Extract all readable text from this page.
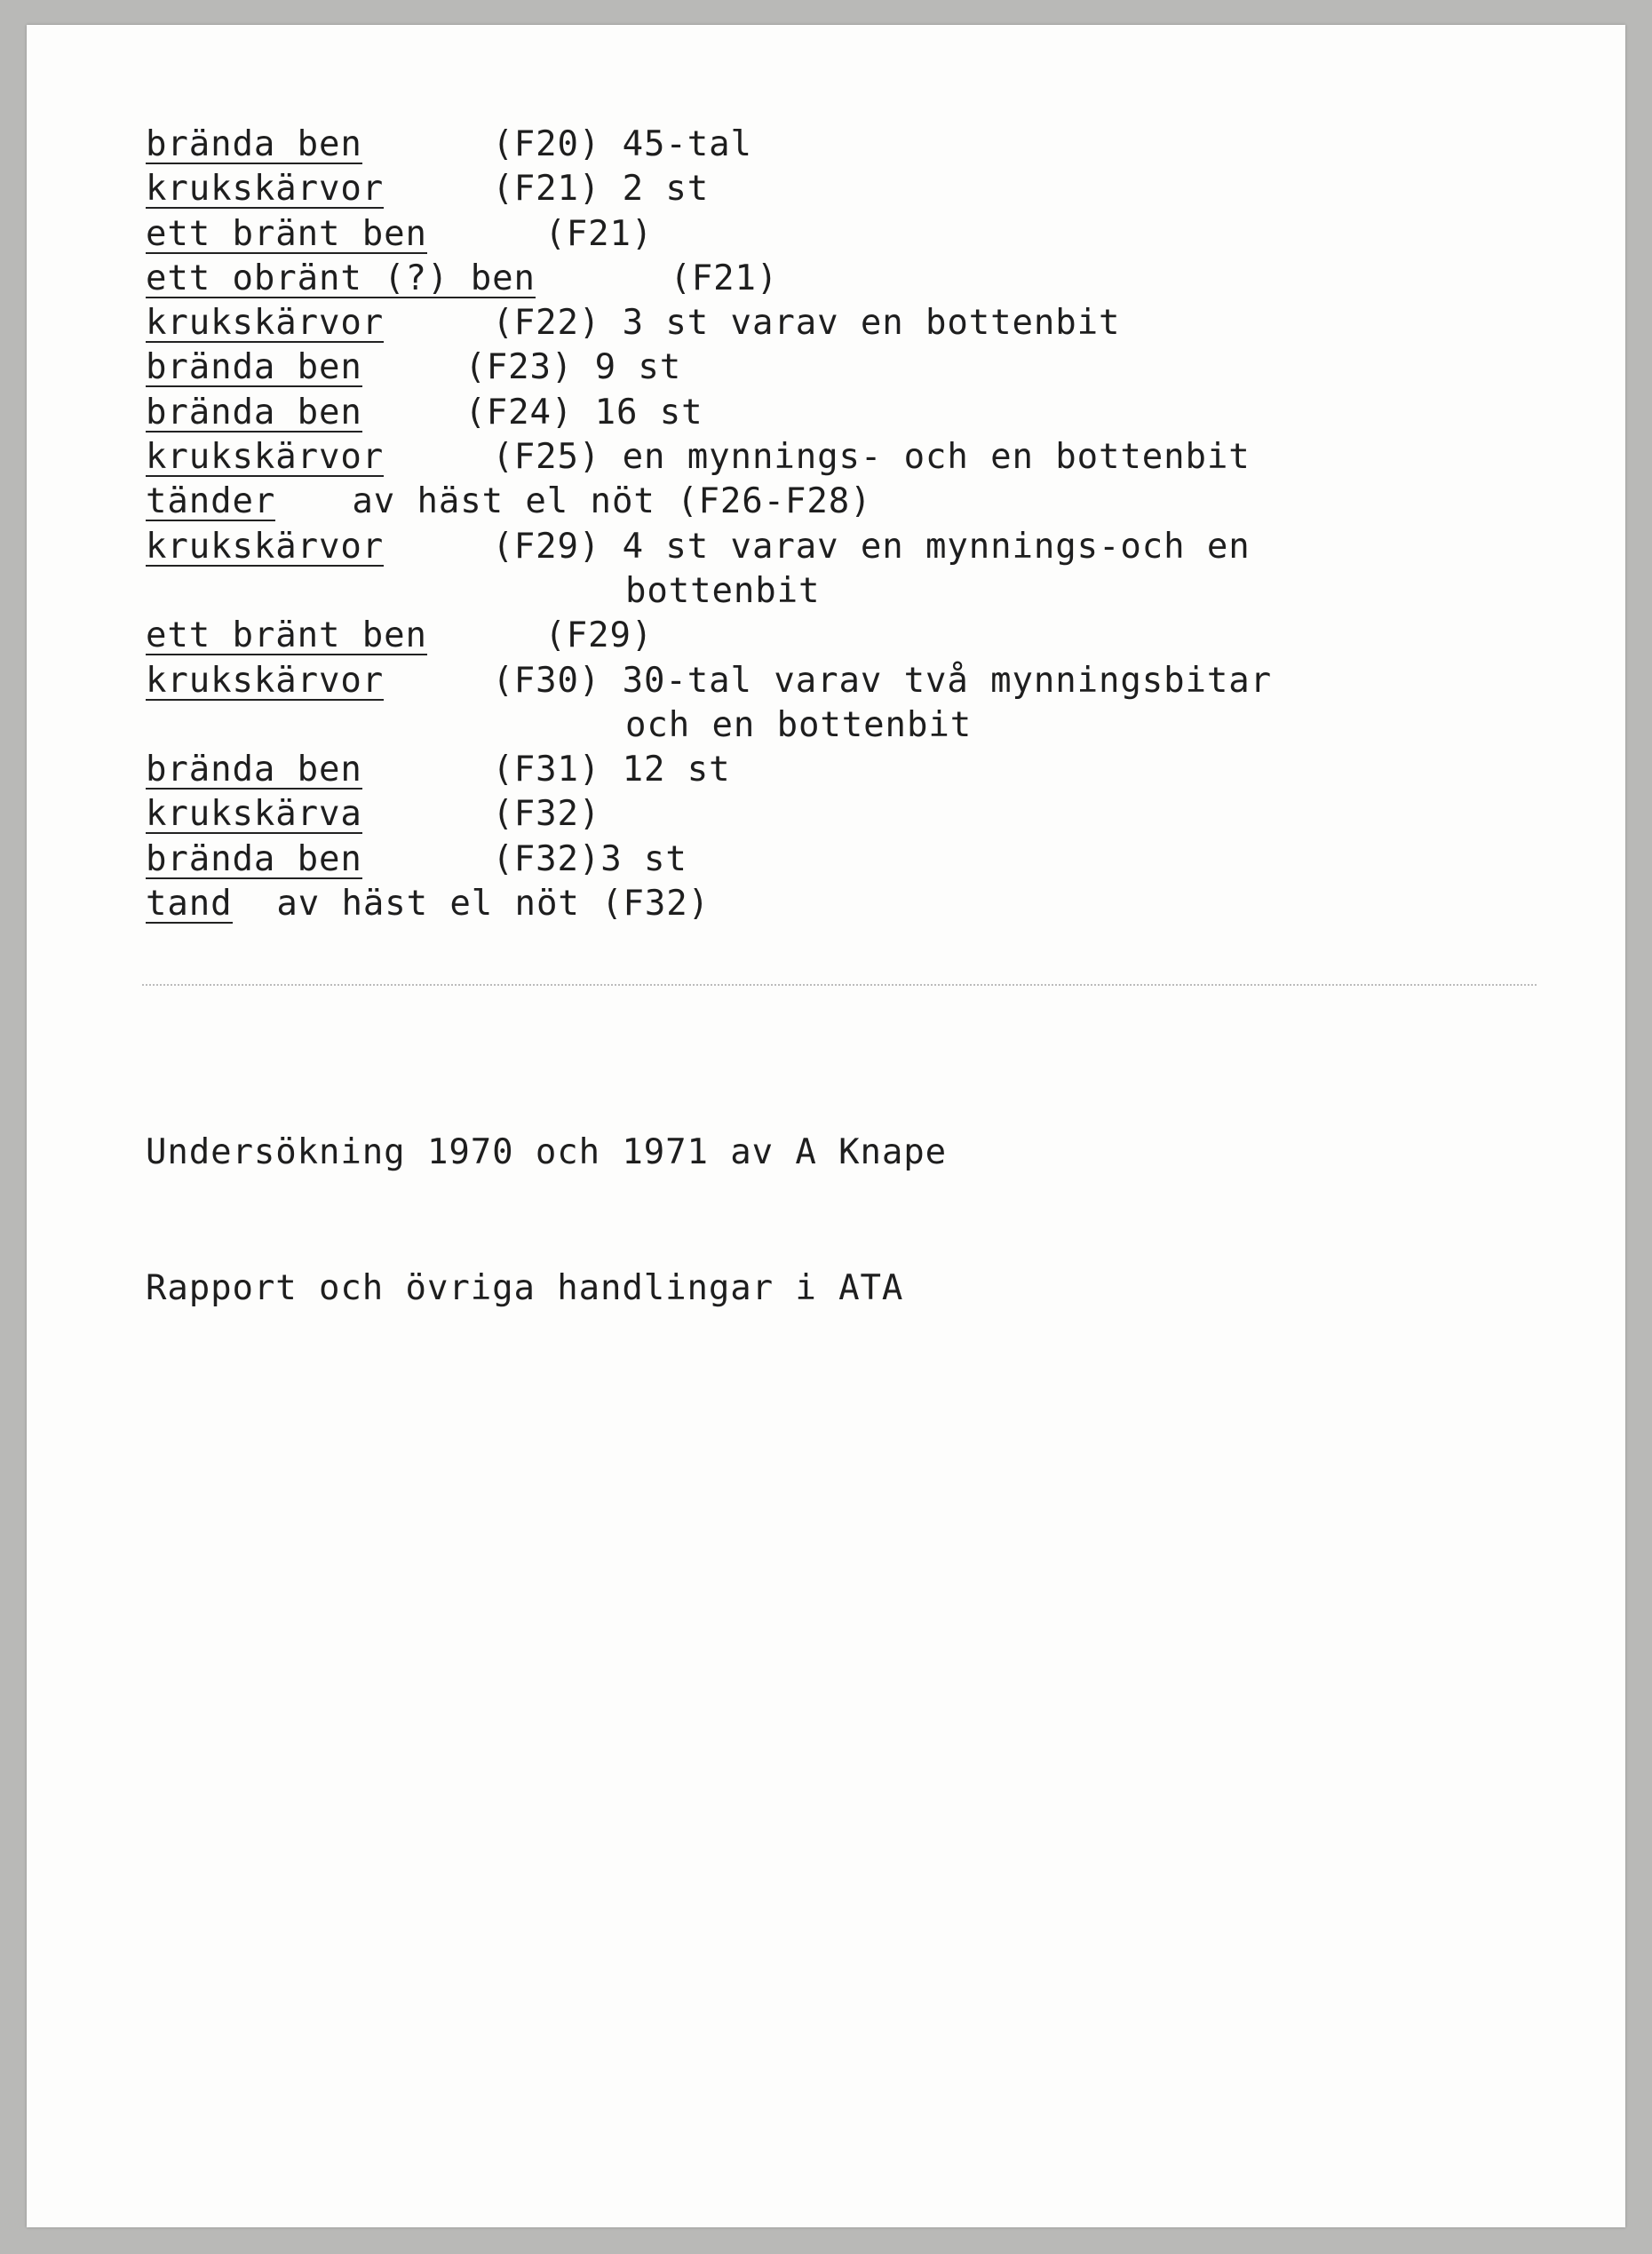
brända ben	(F20) 45-tal
krukskärvor	(F21) 2 st
ett bränt ben	(F21)
ett obränt (?) ben	(F21)
krukskärvor	(F22) 3 st varav en bottenbit
brända ben	(F23) 9 st
brända ben	(F24) 16 st
krukskärvor	(F25) en mynnings- och en bottenbit
tänder	av häst el nöt (F26-F28)
krukskärvor	(F29) 4 st varav en mynnings-och en
bottenbit
ett bränt ben	(F29)
krukskärvor	(F30) 30-tal varav två mynningsbitar
och en bottenbit
brända ben	(F31) 12 st
krukskärva	(F32)
brända ben	(F32) 3 st
tand av häst el nöt (F32)

Undersökning 1970 och 1971 av A Knape

Rapport och övriga handlingar i ATA
